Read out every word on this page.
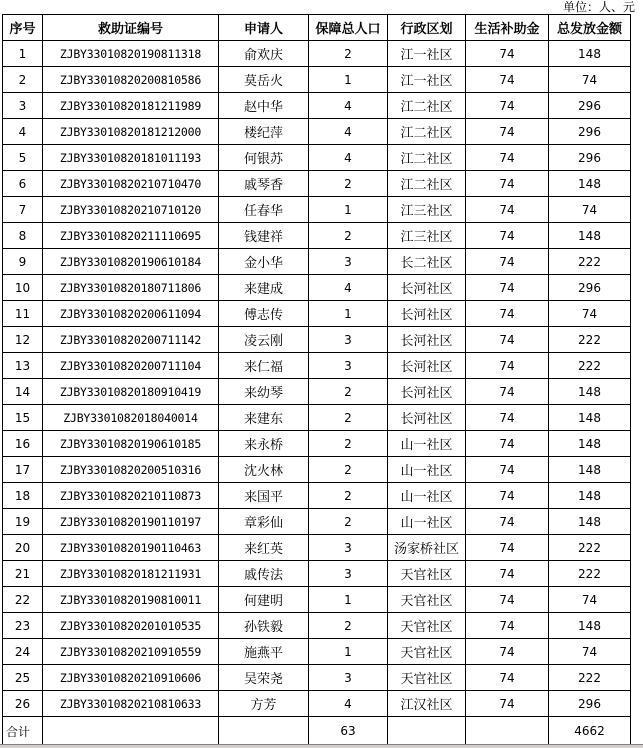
单位：人、元
序号	救助证编号	申请人	保障总人口	行政区划	生活补助金	总发放金额
1	ZJBY33010820190811318	俞欢庆	2	江一社区	74	148
2	ZJBY33010820200810586	莫岳火	1	江一社区	74	74
3	ZJBY33010820181211989	赵中华	4	江二社区	74	296
4	ZJBY33010820181212000	楼纪萍	4	江二社区	74	296
5	ZJBY33010820181011193	何银苏	4	江二社区	74	296
6	ZJBY33010820210710470	戚琴香	2	江二社区	74	148
7	ZJBY33010820210710120	任春华	1	江三社区	74	74
8	ZJBY33010820211110695	钱建祥	2	江三社区	74	148
9	ZJBY33010820190610184	金小华	3	长二社区	74	222
10	ZJBY33010820180711806	来建成	4	长河社区	74	296
11	ZJBY33010820200611094	傅志传	1	长河社区	74	74
12	ZJBY33010820200711142	凌云刚	3	长河社区	74	222
13	ZJBY33010820200711104	来仁福	3	长河社区	74	222
14	ZJBY33010820180910419	来幼琴	2	长河社区	74	148
15	ZJBY3301082018040014	来建东	2	长河社区	74	148
16	ZJBY33010820190610185	来永桥	2	山一社区	74	148
17	ZJBY33010820200510316	沈火林	2	山一社区	74	148
18	ZJBY33010820210110873	来国平	2	山一社区	74	148
19	ZJBY33010820190110197	章彩仙	2	山一社区	74	148
20	ZJBY33010820190110463	来红英	3	汤家桥社区	74	222
21	ZJBY33010820181211931	戚传法	3	天官社区	74	222
22	ZJBY33010820190810011	何建明	1	天官社区	74	74
23	ZJBY33010820201010535	孙铁毅	2	天官社区	74	148
24	ZJBY33010820210910559	施燕平	1	天官社区	74	74
25	ZJBY33010820210910606	吴荣尧	3	天官社区	74	222
26	ZJBY33010820210810633	方芳	4	江汉社区	74	296
合计			63			4662
